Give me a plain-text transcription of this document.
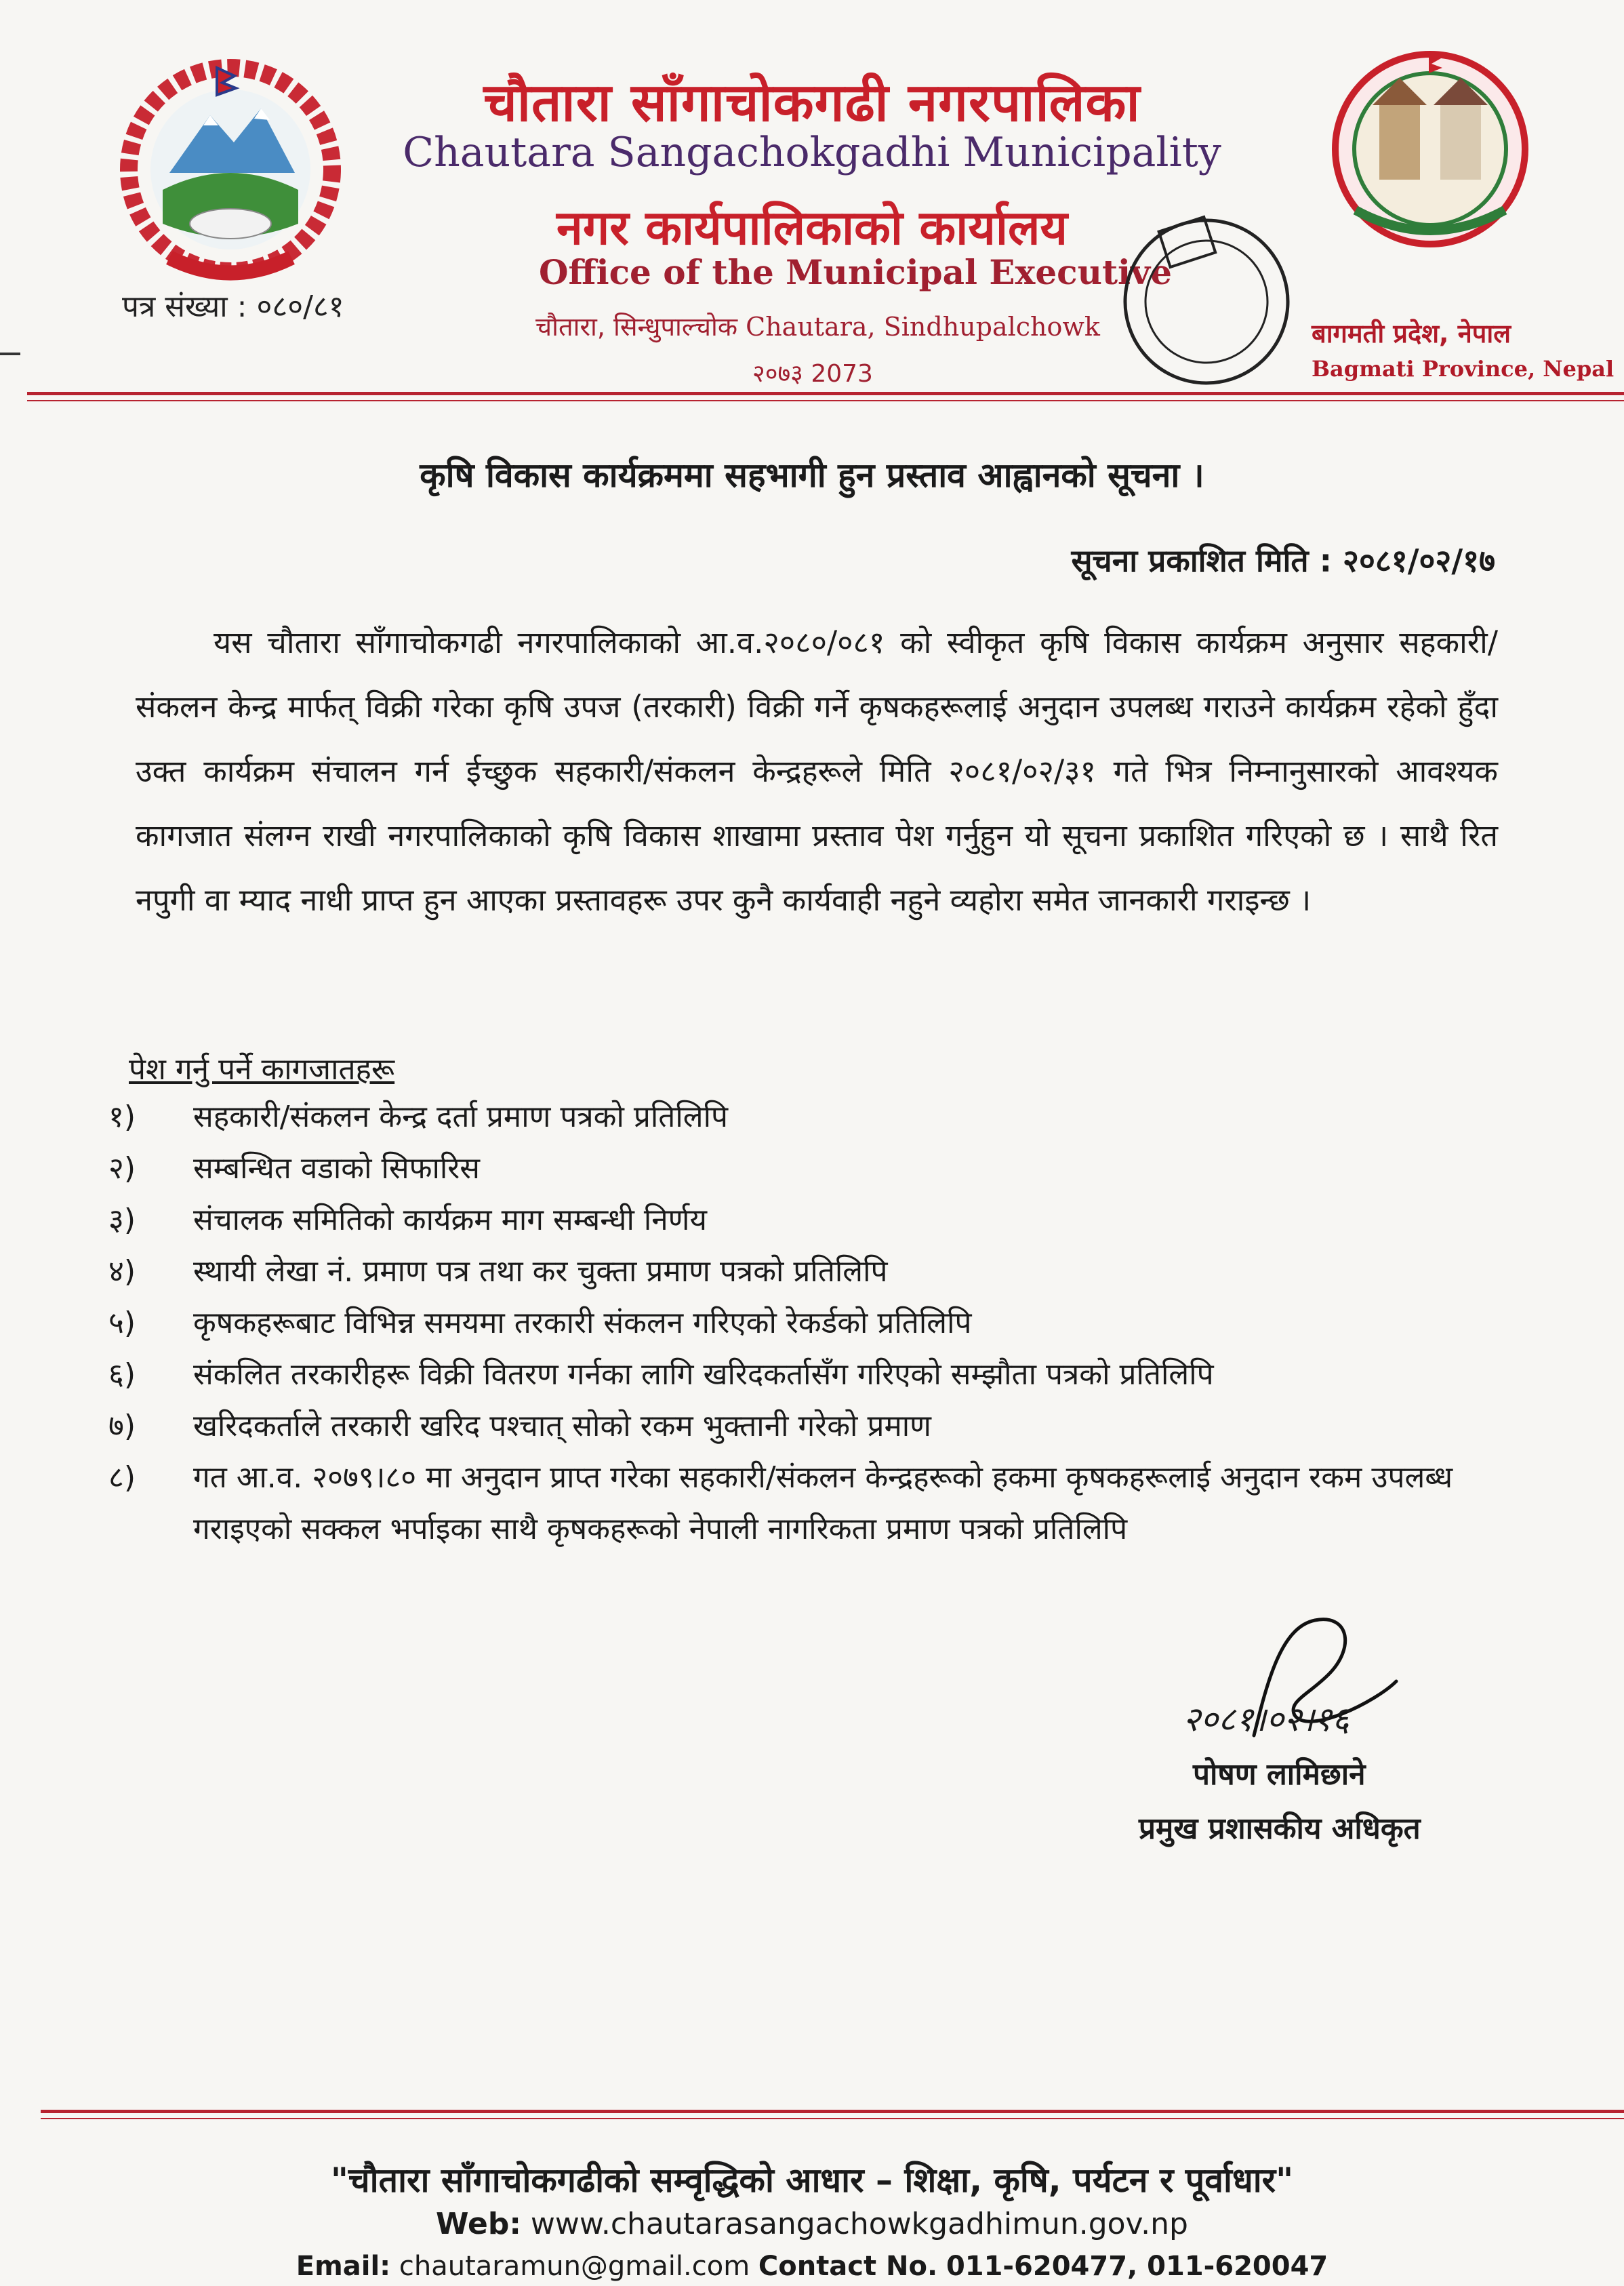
चौतारा साँगाचोकगढी नगरपालिका
Chautara Sangachokgadhi Municipality
नगर कार्यपालिकाको कार्यालय
Office of the Municipal Executive
चौतारा, सिन्धुपाल्चोक Chautara, Sindhupalchowk
२०७३ 2073
पत्र संख्या : ०८०/८१
बागमती प्रदेश, नेपाल
Bagmati Province, Nepal
कृषि विकास कार्यक्रममा सहभागी हुन प्रस्ताव आह्वानको सूचना ।
सूचना प्रकाशित मिति : २०८१/०२/१७
यस चौतारा साँगाचोकगढी नगरपालिकाको आ.व.२०८०/०८१ को स्वीकृत कृषि विकास कार्यक्रम अनुसार सहकारी/संकलन केन्द्र मार्फत् विक्री गरेका कृषि उपज (तरकारी) विक्री गर्ने कृषकहरूलाई अनुदान उपलब्ध गराउने कार्यक्रम रहेको हुँदा उक्त कार्यक्रम संचालन गर्न ईच्छुक सहकारी/संकलन केन्द्रहरूले मिति २०८१/०२/३१ गते भित्र निम्नानुसारको आवश्यक कागजात संलग्न राखी नगरपालिकाको कृषि विकास शाखामा प्रस्ताव पेश गर्नुहुन यो सूचना प्रकाशित गरिएको छ । साथै रित नपुगी वा म्याद नाधी प्राप्त हुन आएका प्रस्तावहरू उपर कुनै कार्यवाही नहुने व्यहोरा समेत जानकारी गराइन्छ ।
पेश गर्नु पर्ने कागजातहरू
१)	सहकारी/संकलन केन्द्र दर्ता प्रमाण पत्रको प्रतिलिपि
२)	सम्बन्धित वडाको सिफारिस
३)	संचालक समितिको कार्यक्रम माग सम्बन्धी निर्णय
४)	स्थायी लेखा नं. प्रमाण पत्र तथा कर चुक्ता प्रमाण पत्रको प्रतिलिपि
५)	कृषकहरूबाट विभिन्न समयमा तरकारी संकलन गरिएको रेकर्डको प्रतिलिपि
६)	संकलित तरकारीहरू विक्री वितरण गर्नका लागि खरिदकर्तासँग गरिएको सम्झौता पत्रको प्रतिलिपि
७)	खरिदकर्ताले तरकारी खरिद पश्चात् सोको रकम भुक्तानी गरेको प्रमाण
८)	गत आ.व. २०७९।८० मा अनुदान प्राप्त गरेका सहकारी/संकलन केन्द्रहरूको हकमा कृषकहरूलाई अनुदान रकम उपलब्ध गराइएको सक्कल भर्पाइका साथै कृषकहरूको नेपाली नागरिकता प्रमाण पत्रको प्रतिलिपि
२०८१।०२।१६
पोषण लामिछाने
प्रमुख प्रशासकीय अधिकृत
"चौतारा साँगाचोकगढीको सम्वृद्धिको आधार – शिक्षा, कृषि, पर्यटन र पूर्वाधार"
Web: www.chautarasangachowkgadhimun.gov.np
Email: chautaramun@gmail.com Contact No. 011-620477, 011-620047
